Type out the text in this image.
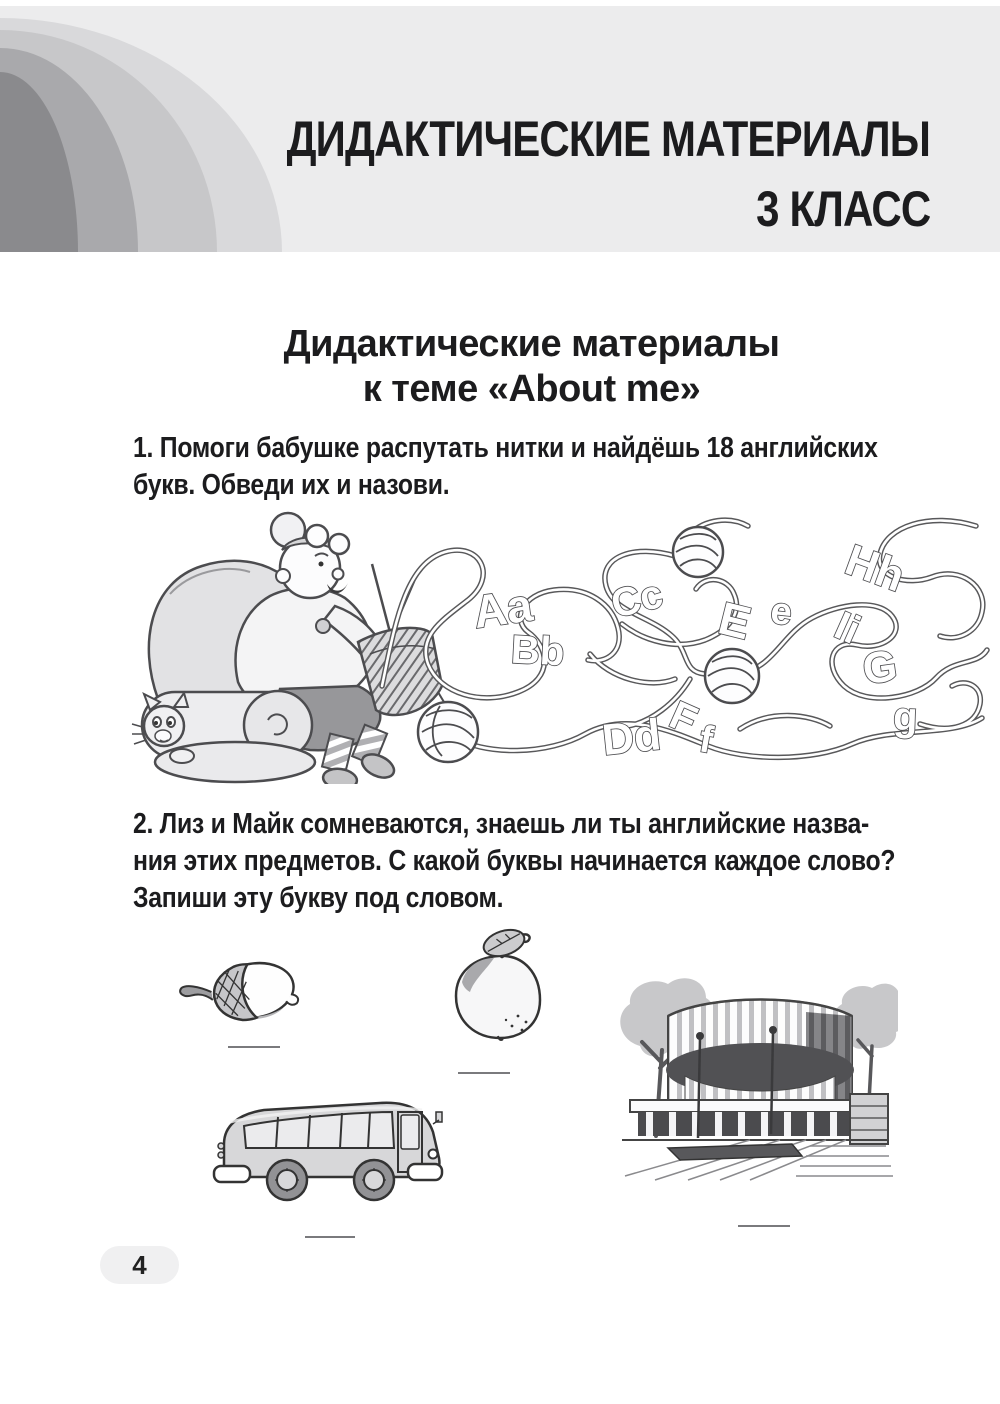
ДИДАКТИЧЕСКИЕ МАТЕРИАЛЫ
3 КЛАСС
Дидактические материалы
к теме «About me»
1. Помоги бабушке распутать нитки и найдёшь 18 английских
букв. Обведи их и назови.
Aa
Bb
Cc E e
Hh
Ii
G
g
Dd F
f
2. Лиз и Майк сомневаются, знаешь ли ты английские назва-
ния этих предметов. С какой буквы начинается каждое слово?
Запиши эту букву под словом.
4
